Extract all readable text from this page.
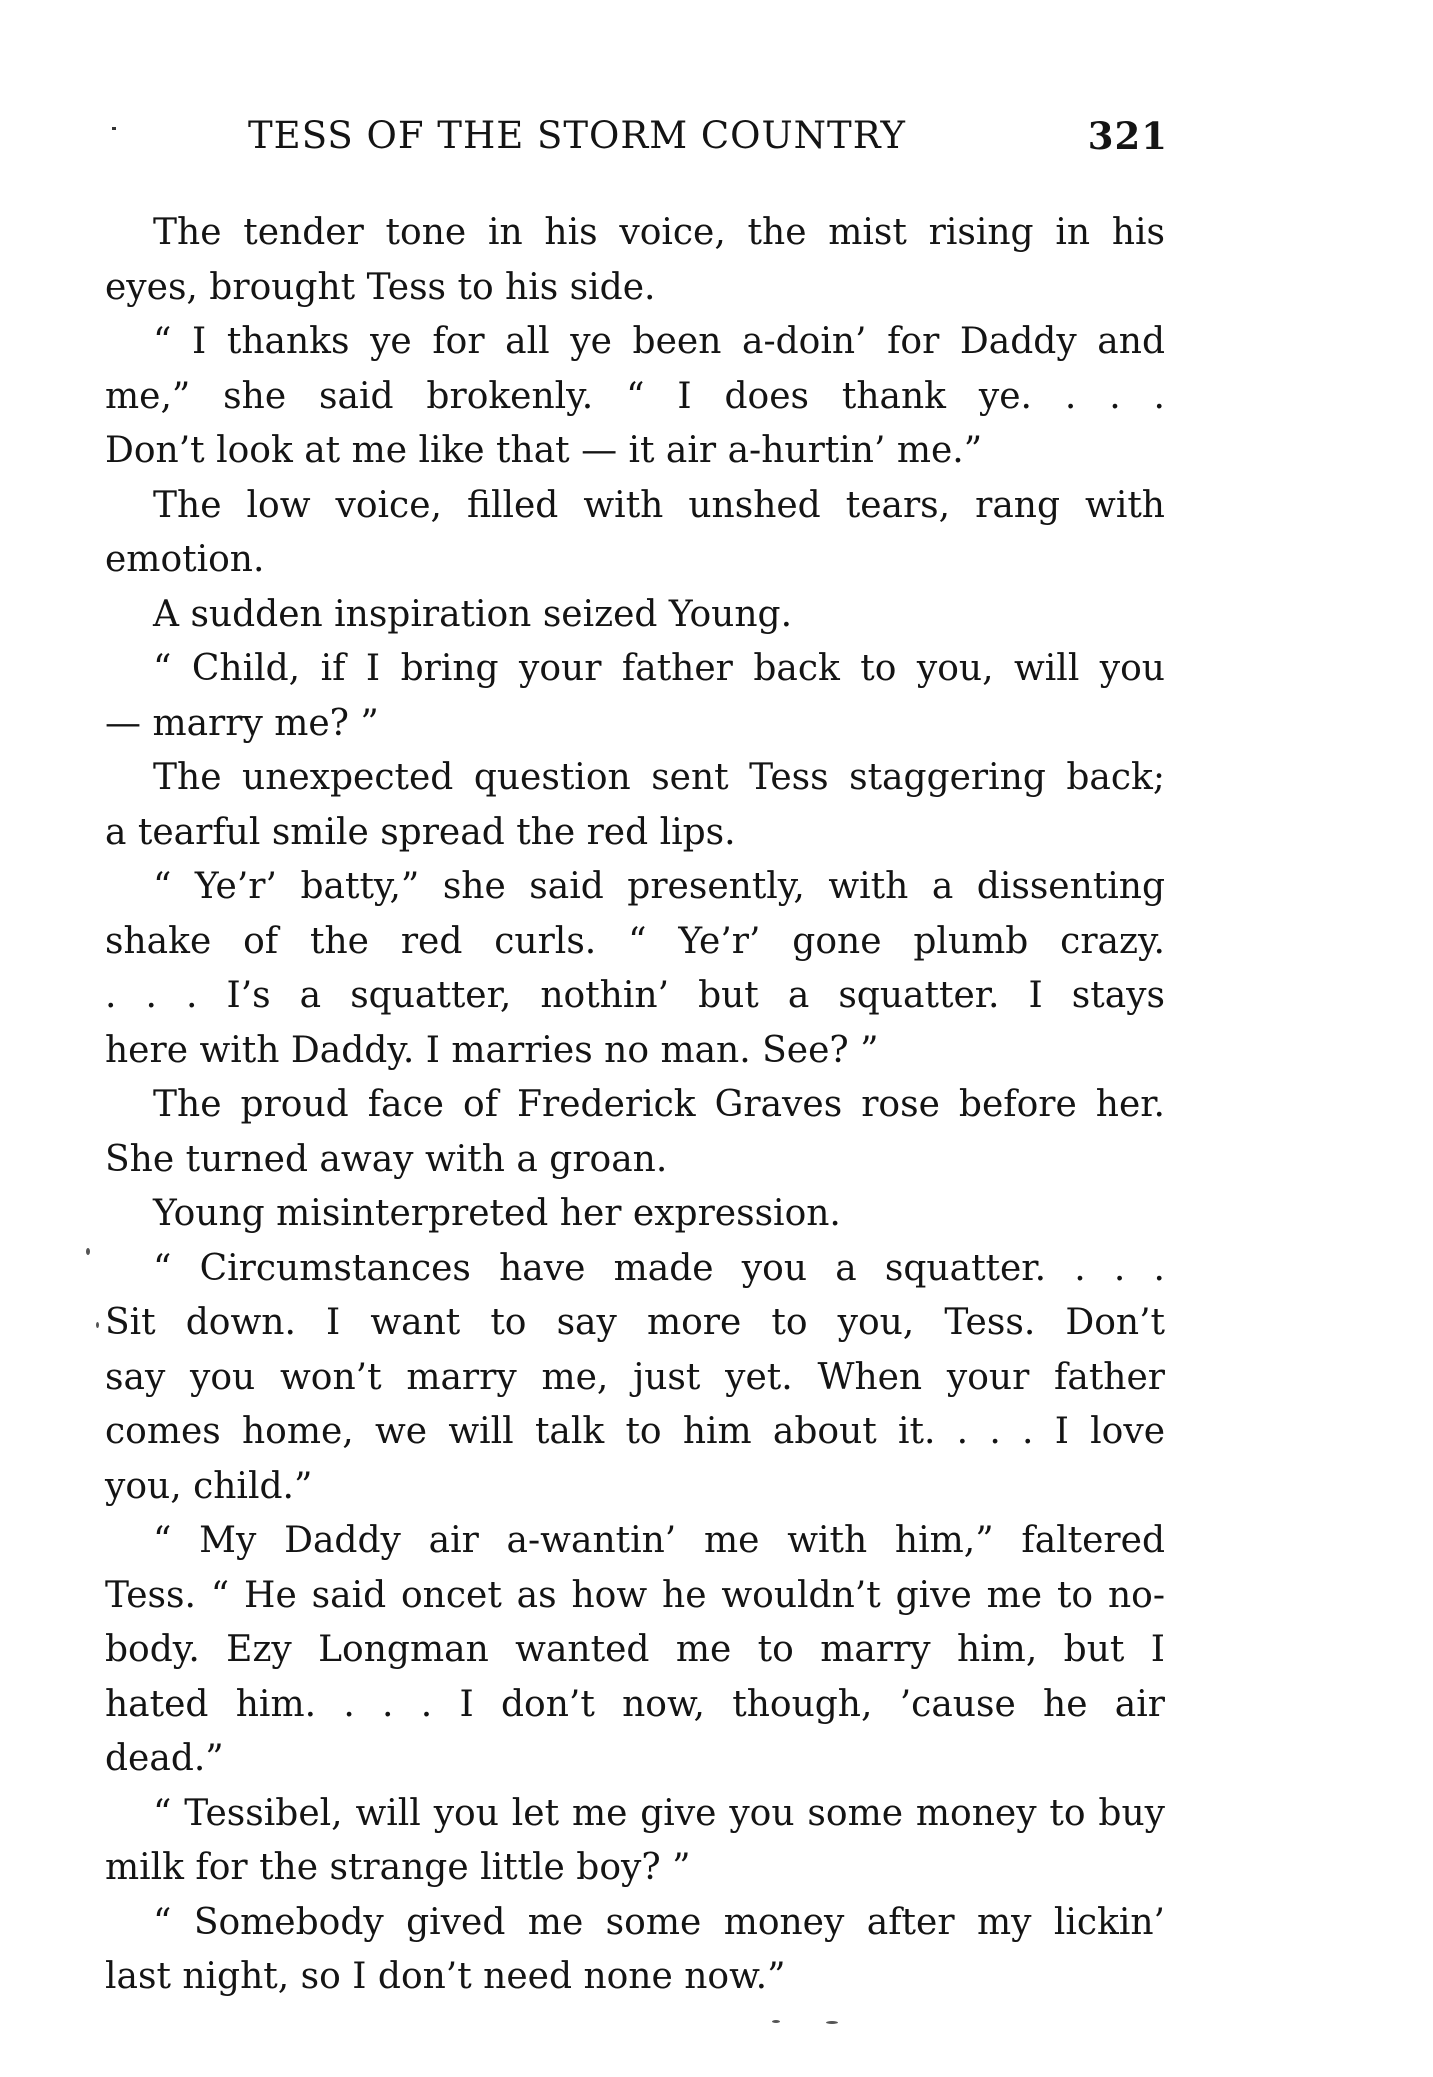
TESS OF THE STORM COUNTRY	321
The tender tone in his voice, the mist rising in his
eyes, brought Tess to his side.
“ I thanks ye for all ye been a-doin’ for Daddy and
me,” she said brokenly. “ I does thank ye. . . .
Don’t look at me like that — it air a-hurtin’ me.”
The low voice, filled with unshed tears, rang with
emotion.
A sudden inspiration seized Young.
“ Child, if I bring your father back to you, will you
— marry me? ”
The unexpected question sent Tess staggering back;
a tearful smile spread the red lips.
“ Ye’r’ batty,” she said presently, with a dissenting
shake of the red curls. “ Ye’r’ gone plumb crazy.
. . . I’s a squatter, nothin’ but a squatter. I stays
here with Daddy. I marries no man. See? ”
The proud face of Frederick Graves rose before her.
She turned away with a groan.
Young misinterpreted her expression.
“ Circumstances have made you a squatter. . . .
Sit down. I want to say more to you, Tess. Don’t
say you won’t marry me, just yet. When your father
comes home, we will talk to him about it. . . . I love
you, child.”
“ My Daddy air a-wantin’ me with him,” faltered
Tess. “ He said oncet as how he wouldn’t give me to no-
body. Ezy Longman wanted me to marry him, but I
hated him. . . . I don’t now, though, ’cause he air
dead.”
“ Tessibel, will you let me give you some money to buy
milk for the strange little boy? ”
“ Somebody gived me some money after my lickin’
last night, so I don’t need none now.”
